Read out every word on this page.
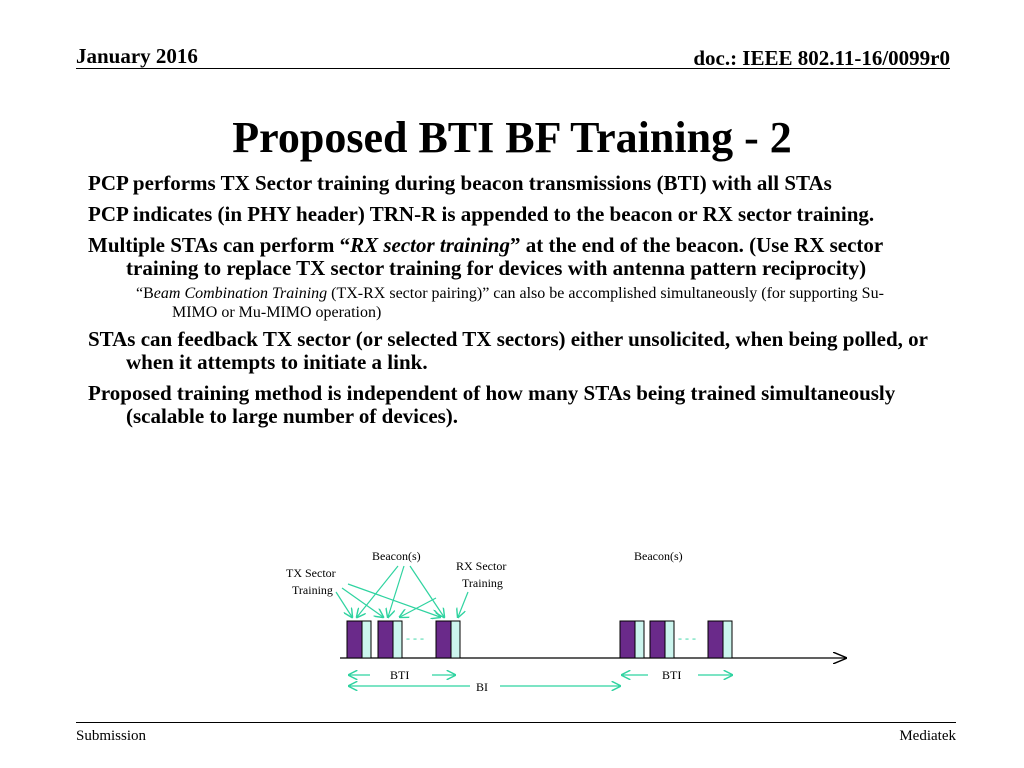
January 2016	doc.: IEEE 802.11-16/0099r0
Proposed BTI BF Training - 2
PCP performs TX Sector training during beacon transmissions (BTI) with all STAs
PCP indicates (in PHY header) TRN-R is appended to the beacon or RX sector training.
Multiple STAs can perform “RX sector training” at the end of the beacon. (Use RX sector training to replace TX sector training for devices with antenna pattern reciprocity)
“Beam Combination Training (TX-RX sector pairing)” can also be accomplished simultaneously (for supporting Su-MIMO or Mu-MIMO operation)
STAs can feedback TX sector (or selected TX sectors) either unsolicited, when being polled, or when it attempts to initiate a link.
Proposed training method is independent of how many STAs being trained simultaneously (scalable to large number of devices).
- - -	- - -
Beacon(s)	Beacon(s)
TX Sector
Training
RX Sector
Training
BTI	BTI
BI
Submission	Mediatek
